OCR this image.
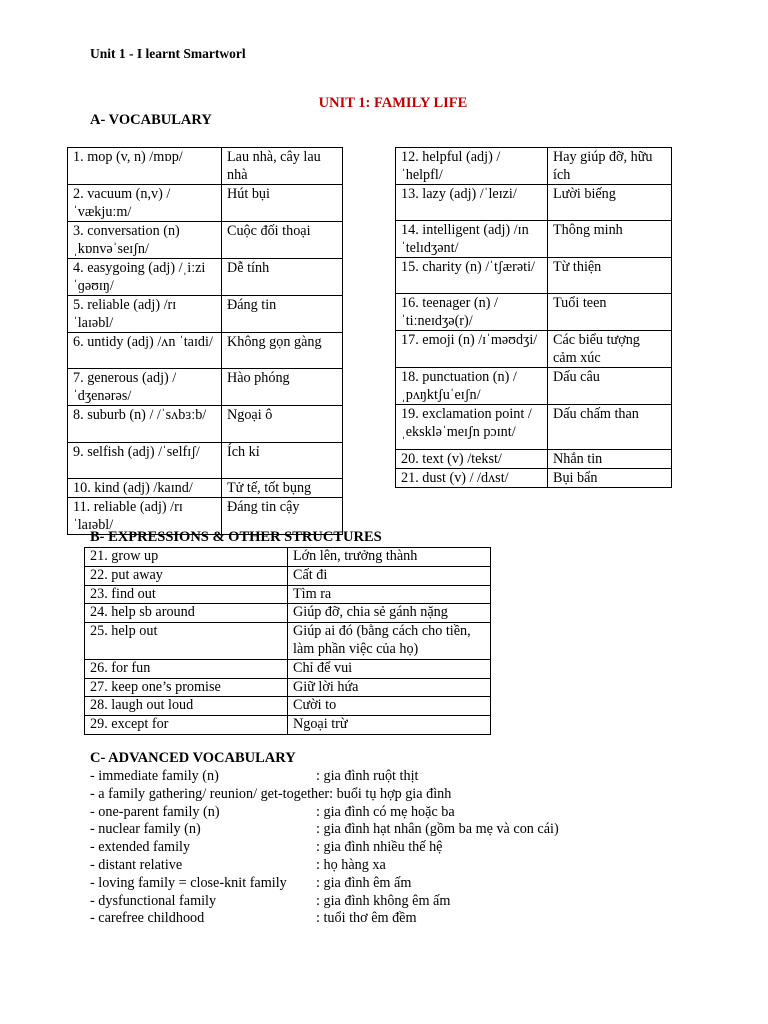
Unit 1 - I learnt Smartworl
UNIT 1: FAMILY LIFE
A- VOCABULARY
1. mop (v, n) /mɒp/	Lau nhà, cây lau nhà
2. vacuum (n,v) /ˈvækjuːm/	Hút bụi
3. conversation (n) ˌkɒnvəˈseɪʃn/	Cuộc đối thoại
4. easygoing (adj) /ˌiːzi ˈɡəʊɪŋ/	Dễ tính
5. reliable (adj) /rɪ ˈlaɪəbl/	Đáng tin
6. untidy (adj) /ʌn ˈtaɪdi/	Không gọn gàng
7. generous (adj) /ˈdʒenərəs/	Hào phóng
8. suburb (n) / /ˈsʌbɜːb/	Ngoại ô
9. selfish (adj) /ˈselfɪʃ/	Ích kỉ
10. kind (adj) /kaɪnd/	Tử tế, tốt bụng
11. reliable (adj) /rɪˈlaɪəbl/	Đáng tin cậy
12. helpful (adj) /ˈhelpfl/	Hay giúp đỡ, hữu ích
13. lazy (adj) /ˈleɪzi/	Lười biếng
14. intelligent (adj) /ɪnˈtelɪdʒənt/	Thông minh
15. charity (n) /ˈtʃærəti/	Từ thiện
16. teenager (n) /ˈtiːneɪdʒə(r)/	Tuổi teen
17. emoji (n) /ɪˈməʊdʒi/	Các biểu tượng cảm xúc
18. punctuation (n) /ˌpʌŋktʃuˈeɪʃn/	Dấu câu
19. exclamation point /ˌeksklәˈmeɪʃn pɔɪnt/	Dấu chấm than
20. text (v) /tekst/	Nhắn tin
21. dust (v) / /dʌst/	Bụi bẩn
B- EXPRESSIONS & OTHER STRUCTURES
21. grow up	Lớn lên, trưởng thành
22. put away	Cất đi
23. find out	Tìm ra
24. help sb around	Giúp đỡ, chia sẻ gánh nặng
25. help out	Giúp ai đó (bằng cách cho tiền, làm phần việc của họ)
26. for fun	Chỉ để vui
27. keep one’s promise	Giữ lời hứa
28. laugh out loud	Cười to
29. except for	Ngoại trừ
C- ADVANCED VOCABULARY
- immediate family (n)	: gia đình ruột thịt
- a family gathering/ reunion/ get-together: buổi tụ hợp gia đình
- one-parent family (n)	: gia đình có mẹ hoặc ba
- nuclear family (n)	: gia đình hạt nhân (gồm ba mẹ và con cái)
- extended family	: gia đình nhiều thế hệ
- distant relative	: họ hàng xa
- loving family = close-knit family : gia đình êm ấm
- dysfunctional family	: gia đình không êm ấm
- carefree childhood	: tuổi thơ êm đềm
